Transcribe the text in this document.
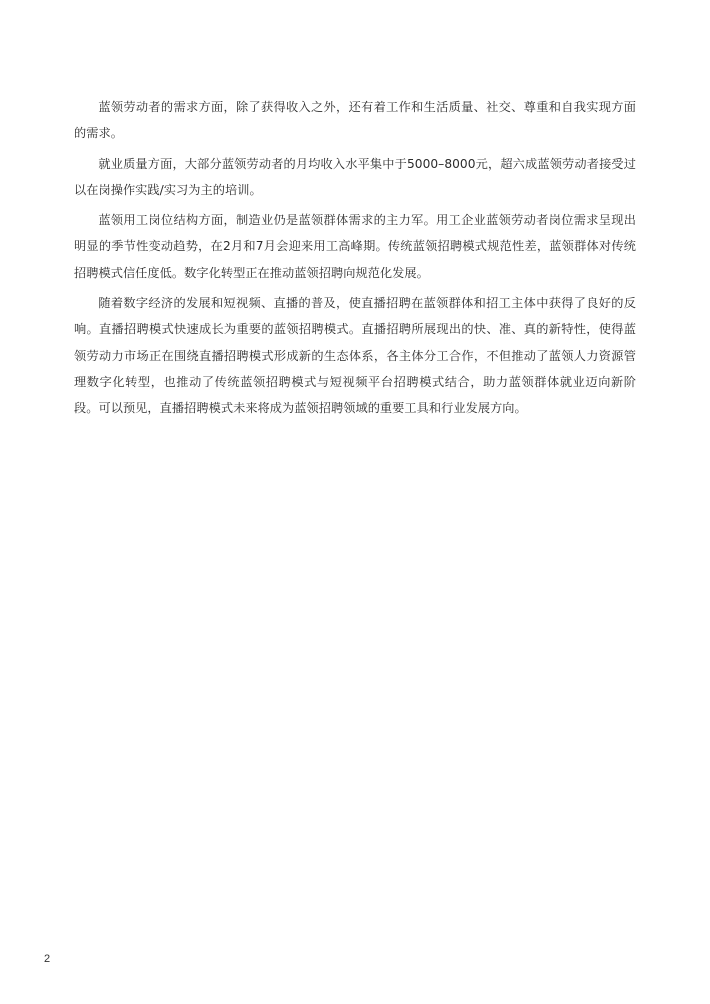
蓝领劳动者的需求方面，除了获得收入之外，还有着工作和生活质量、社交、尊重和自我实现方面的需求。

就业质量方面，大部分蓝领劳动者的月均收入水平集中于5000–8000元，超六成蓝领劳动者接受过以在岗操作实践/实习为主的培训。

蓝领用工岗位结构方面，制造业仍是蓝领群体需求的主力军。用工企业蓝领劳动者岗位需求呈现出明显的季节性变动趋势，在2月和7月会迎来用工高峰期。传统蓝领招聘模式规范性差，蓝领群体对传统招聘模式信任度低。数字化转型正在推动蓝领招聘向规范化发展。

随着数字经济的发展和短视频、直播的普及，使直播招聘在蓝领群体和招工主体中获得了良好的反响。直播招聘模式快速成长为重要的蓝领招聘模式。直播招聘所展现出的快、准、真的新特性，使得蓝领劳动力市场正在围绕直播招聘模式形成新的生态体系，各主体分工合作，不但推动了蓝领人力资源管理数字化转型，也推动了传统蓝领招聘模式与短视频平台招聘模式结合，助力蓝领群体就业迈向新阶段。可以预见，直播招聘模式未来将成为蓝领招聘领域的重要工具和行业发展方向。

2
